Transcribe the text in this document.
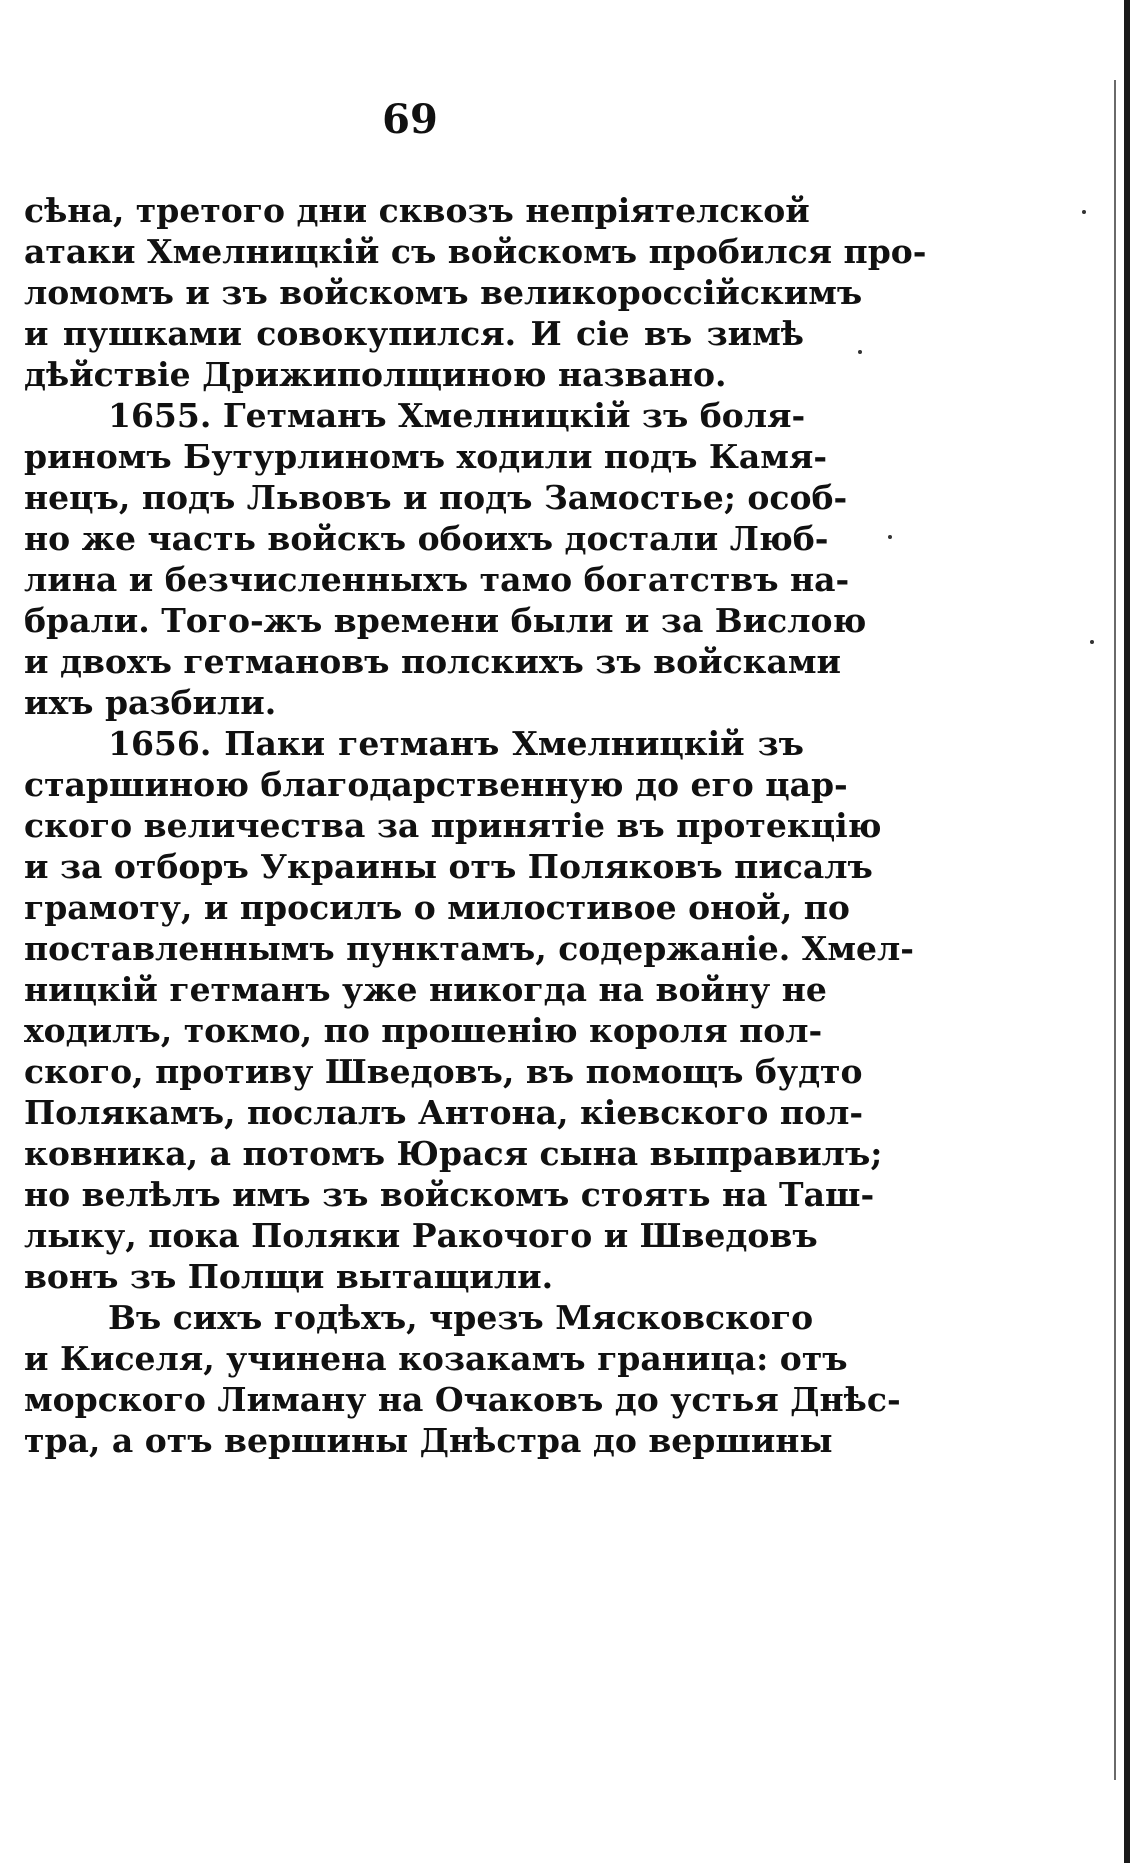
69
сѣна, третого дни сквозъ непріятелской
атаки Хмелницкій съ войскомъ пробился про-
ломомъ и зъ войскомъ великороссійскимъ
и пушками совокупился. И сіе въ зимѣ
дѣйствіе Дрижиполщиною названо.
1655. Гетманъ Хмелницкій зъ боля-
риномъ Бутурлиномъ ходили подъ Камя-
нецъ, подъ Львовъ и подъ Замостье; особ-
но же часть войскъ обоихъ достали Люб-
лина и безчисленныхъ тамо богатствъ на-
брали. Того-жъ времени были и за Вислою
и двохъ гетмановъ полскихъ зъ войсками
ихъ разбили.
1656. Паки гетманъ Хмелницкій зъ
старшиною благодарственную до его цар-
ского величества за принятіе въ протекцію
и за отборъ Украины отъ Поляковъ писалъ
грамоту, и просилъ о милостивое оной, по
поставленнымъ пунктамъ, содержаніе. Хмел-
ницкій гетманъ уже никогда на войну не
ходилъ, токмо, по прошенію короля пол-
ского, противу Шведовъ, въ помощъ будто
Полякамъ, послалъ Антона, кіевского пол-
ковника, а потомъ Юрася сына выправилъ;
но велѣлъ имъ зъ войскомъ стоять на Таш-
лыку, пока Поляки Ракочого и Шведовъ
вонъ зъ Полщи вытащили.
Въ сихъ годѣхъ, чрезъ Мясковского
и Киселя, учинена козакамъ граница: отъ
морского Лиману на Очаковъ до устья Днѣс-
тра, а отъ вершины Днѣстра до вершины
